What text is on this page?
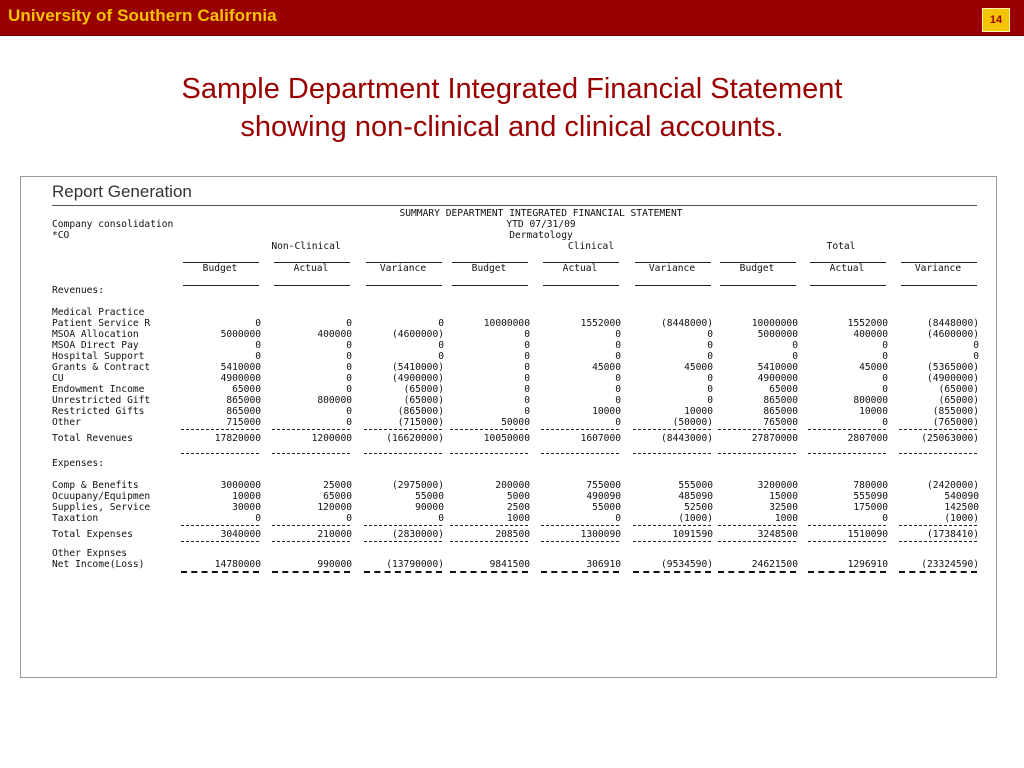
University of Southern California	14
Sample Department Integrated Financial Statement
showing non-clinical and clinical accounts.
Report Generation
SUMMARY DEPARTMENT INTEGRATED FINANCIAL STATEMENT
YTD 07/31/09
Dermatology
Company consolidation
*CO
Non-Clinical	Clinical	Total
Budget	Actual	Variance	Budget	Actual	Variance	Budget	Actual	Variance
Revenues:
Medical Practice
Patient Service R	0	0	0	10000000	1552000	(8448000)	10000000	1552000	(8448000)
MSOA Allocation	5000000	400000	(4600000)	0	0	0	5000000	400000	(4600000)
MSOA Direct Pay	0	0	0	0	0	0	0	0	0
Hospital Support	0	0	0	0	0	0	0	0	0
Grants & Contract	5410000	0	(5410000)	0	45000	45000	5410000	45000	(5365000)
CU	4900000	0	(4900000)	0	0	0	4900000	0	(4900000)
Endowment Income	65000	0	(65000)	0	0	0	65000	0	(65000)
Unrestricted Gift	865000	800000	(65000)	0	0	0	865000	800000	(65000)
Restricted Gifts	865000	0	(865000)	0	10000	10000	865000	10000	(855000)
Other	715000	0	(715000)	50000	0	(50000)	765000	0	(765000)
Total Revenues	17820000	1200000	(16620000)	10050000	1607000	(8443000)	27870000	2807000	(25063000)
Expenses:
Comp & Benefits	3000000	25000	(2975000)	200000	755000	555000	3200000	780000	(2420000)
Ocuupany/Equipmen	10000	65000	55000	5000	490090	485090	15000	555090	540090
Supplies, Service	30000	120000	90000	2500	55000	52500	32500	175000	142500
Taxation	0	0	0	1000	0	(1000)	1000	0	(1000)
Total Expenses	3040000	210000	(2830000)	208500	1300090	1091590	3248500	1510090	(1738410)
Other Expnses
Net Income(Loss)	14780000	990000	(13790000)	9841500	306910	(9534590)	24621500	1296910	(23324590)
